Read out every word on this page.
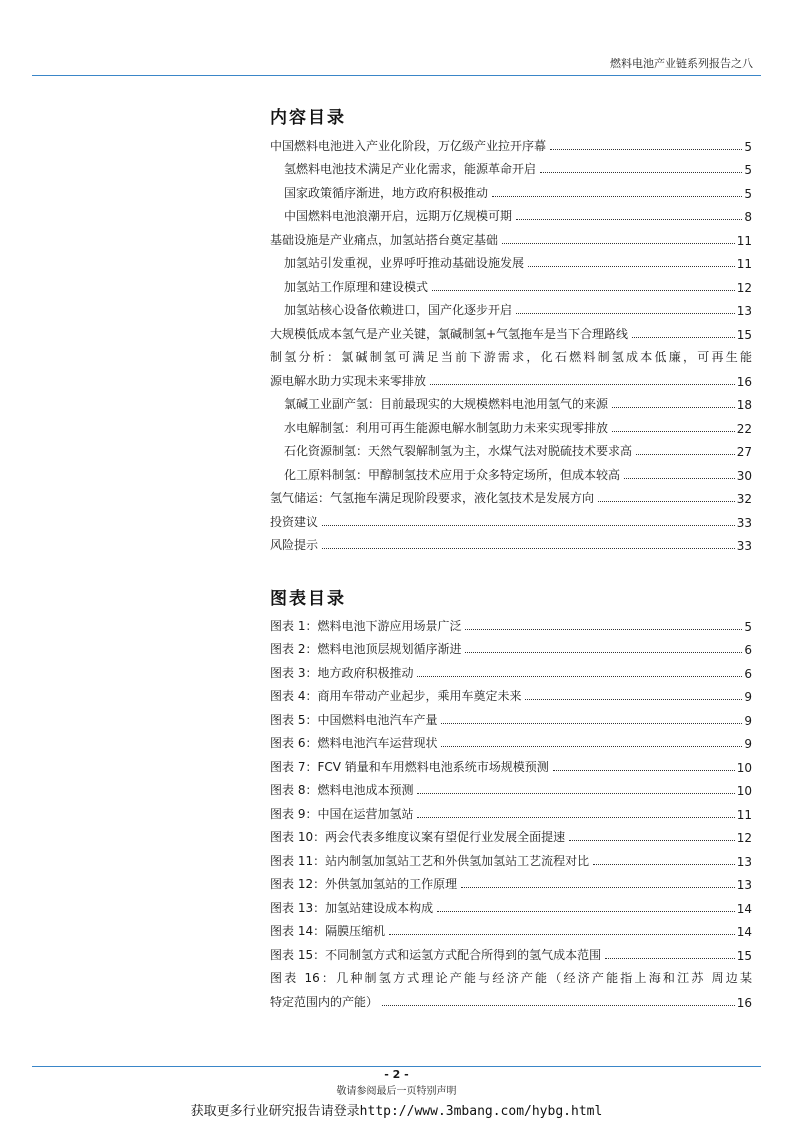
燃料电池产业链系列报告之八
内容目录
中国燃料电池进入产业化阶段，万亿级产业拉开序幕	5
氢燃料电池技术满足产业化需求，能源革命开启	5
国家政策循序渐进，地方政府积极推动	5
中国燃料电池浪潮开启，远期万亿规模可期	8
基础设施是产业痛点，加氢站搭台奠定基础	11
加氢站引发重视，业界呼吁推动基础设施发展	11
加氢站工作原理和建设模式	12
加氢站核心设备依赖进口，国产化逐步开启	13
大规模低成本氢气是产业关键，氯碱制氢+气氢拖车是当下合理路线	15
制氢分析：氯碱制氢可满足当前下游需求，化石燃料制氢成本低廉，可再生能
源电解水助力实现未来零排放	16
氯碱工业副产氢：目前最现实的大规模燃料电池用氢气的来源	18
水电解制氢：利用可再生能源电解水制氢助力未来实现零排放	22
石化资源制氢：天然气裂解制氢为主，水煤气法对脱硫技术要求高	27
化工原料制氢：甲醇制氢技术应用于众多特定场所，但成本较高	30
氢气储运：气氢拖车满足现阶段要求，液化氢技术是发展方向	32
投资建议	33
风险提示	33
图表目录
图表 1：燃料电池下游应用场景广泛	5
图表 2：燃料电池顶层规划循序渐进	6
图表 3：地方政府积极推动	6
图表 4：商用车带动产业起步，乘用车奠定未来	9
图表 5：中国燃料电池汽车产量	9
图表 6：燃料电池汽车运营现状	9
图表 7：FCV 销量和车用燃料电池系统市场规模预测	10
图表 8：燃料电池成本预测	10
图表 9：中国在运营加氢站	11
图表 10：两会代表多维度议案有望促行业发展全面提速	12
图表 11：站内制氢加氢站工艺和外供氢加氢站工艺流程对比	13
图表 12：外供氢加氢站的工作原理	13
图表 13：加氢站建设成本构成	14
图表 14：隔膜压缩机	14
图表 15：不同制氢方式和运氢方式配合所得到的氢气成本范围	15
图表 16：几种制氢方式理论产能与经济产能（经济产能指上海和江苏 周边某
特定范围内的产能）	16
- 2 -
敬请参阅最后一页特别声明
获取更多行业研究报告请登录http://www.3mbang.com/hybg.html
